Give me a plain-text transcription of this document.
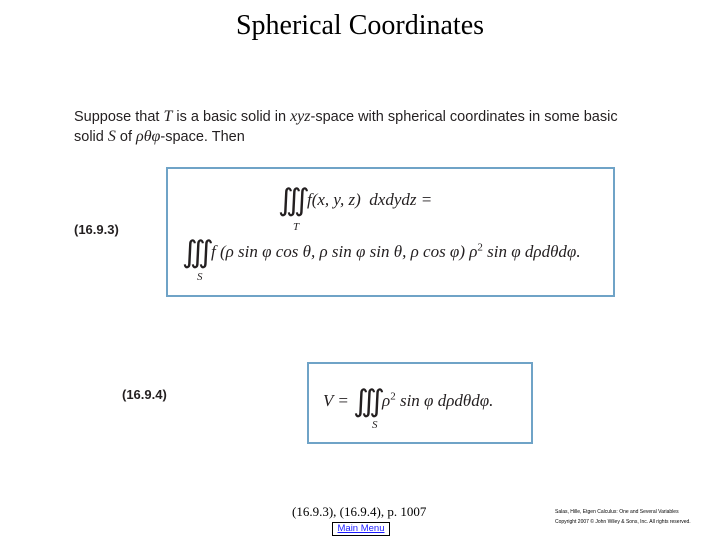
Spherical Coordinates
Suppose that T is a basic solid in xyz-space with spherical coordinates in some basic
solid S of ρθφ-space. Then
(16.9.3)
∭ f(x, y, z) dxdydz =
T
∭ f (ρ sin φ cos θ, ρ sin φ sin θ, ρ cos φ) $\rho^2$ sin φ dρdθdφ.
S
(16.9.4)	V = ∭ $\rho^2$ sin φ dρdθdφ.
S
(16.9.3), (16.9.4), p. 1007
Main Menu
Salas, Hille, Etgen Calculus: One and Several Variables
Copyright 2007 © John Wiley & Sons, Inc. All rights reserved.
